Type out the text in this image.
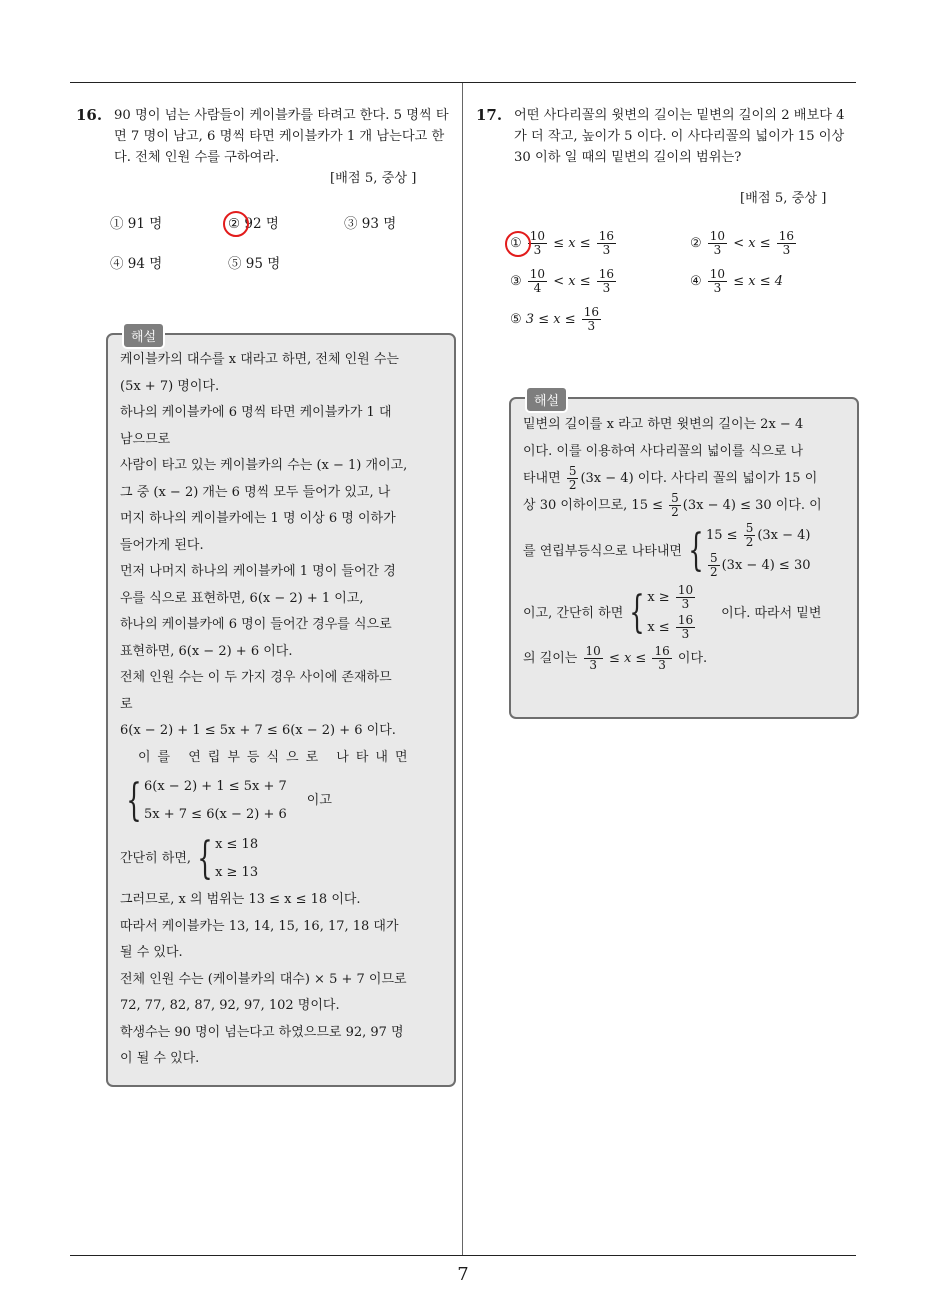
7
16. 90 명이 넘는 사람들이 케이블카를 타려고 한다. 5 명씩 타면 7 명이 남고, 6 명씩 타면 케이블카가 1 개 남는다고 한다. 전체 인원 수를 구하여라.
[배점 5, 중상 ]
① 91 명	② 92 명	③ 93 명
④ 94 명	⑤ 95 명
해설
케이블카의 대수를 x 대라고 하면, 전체 인원 수는
(5x + 7) 명이다.
하나의 케이블카에 6 명씩 타면 케이블카가 1 대
남으므로
사람이 타고 있는 케이블카의 수는 (x − 1) 개이고,
그 중 (x − 2) 개는 6 명씩 모두 들어가 있고, 나
머지 하나의 케이블카에는 1 명 이상 6 명 이하가
들어가게 된다.
먼저 나머지 하나의 케이블카에 1 명이 들어간 경
우를 식으로 표현하면, 6(x − 2) + 1 이고,
하나의 케이블카에 6 명이 들어간 경우를 식으로
표현하면, 6(x − 2) + 6 이다.
전체 인원 수는 이 두 가지 경우 사이에 존재하므
로
6(x − 2) + 1 ≤ 5x + 7 ≤ 6(x − 2) + 6 이다.
이를 연립부등식으로 나타내면
{ 6(x − 2) + 1 ≤ 5x + 7
5x + 7 ≤ 6(x − 2) + 6
이고
간단히 하면, { x ≤ 18
x ≥ 13
그러므로, x 의 범위는 13 ≤ x ≤ 18 이다.
따라서 케이블카는 13, 14, 15, 16, 17, 18 대가
될 수 있다.
전체 인원 수는 (케이블카의 대수) × 5 + 7 이므로
72, 77, 82, 87, 92, 97, 102 명이다.
학생수는 90 명이 넘는다고 하였으므로 92, 97 명
이 될 수 있다.
17. 어떤 사다리꼴의 윗변의 길이는 밑변의 길이의 2 배보다 4 가 더 작고, 높이가 5 이다. 이 사다리꼴의 넓이가 15 이상 30 이하 일 때의 밑변의 길이의 범위는?
[배점 5, 중상 ]
①
$\frac{10}{3} \le x \le \frac{16}{3}$	② $\frac{10}{3} < x \le \frac{16}{3}$
③ $\frac{10}{4} < x \le \frac{16}{3}$	④ $\frac{10}{3} \le x \le 4$
⑤ $3 \le x \le \frac{16}{3}$
해설
밑변의 길이를 x 라고 하면 윗변의 길이는 2x − 4
이다. 이를 이용하여 사다리꼴의 넓이를 식으로 나
타내면 $\frac{5}{2} (3x - 4)$ 이다. 사다리 꼴의 넓이가 15 이
상 30 이하이므로, $15 \le \frac{5}{2} (3x - 4) \le 30$ 이다. 이
를 연립부등식으로 나타내면 { $15 \le \frac{5}{2} (3x - 4)$
$\frac{5}{2} (3x - 4) \le 30$
이고, 간단히 하면 { $x \ge \frac{10}{3}$
$x \le \frac{16}{3}$
이다. 따라서 밑변
의 길이는 $\frac{10}{3} \le x \le \frac{16}{3}$ 이다.
